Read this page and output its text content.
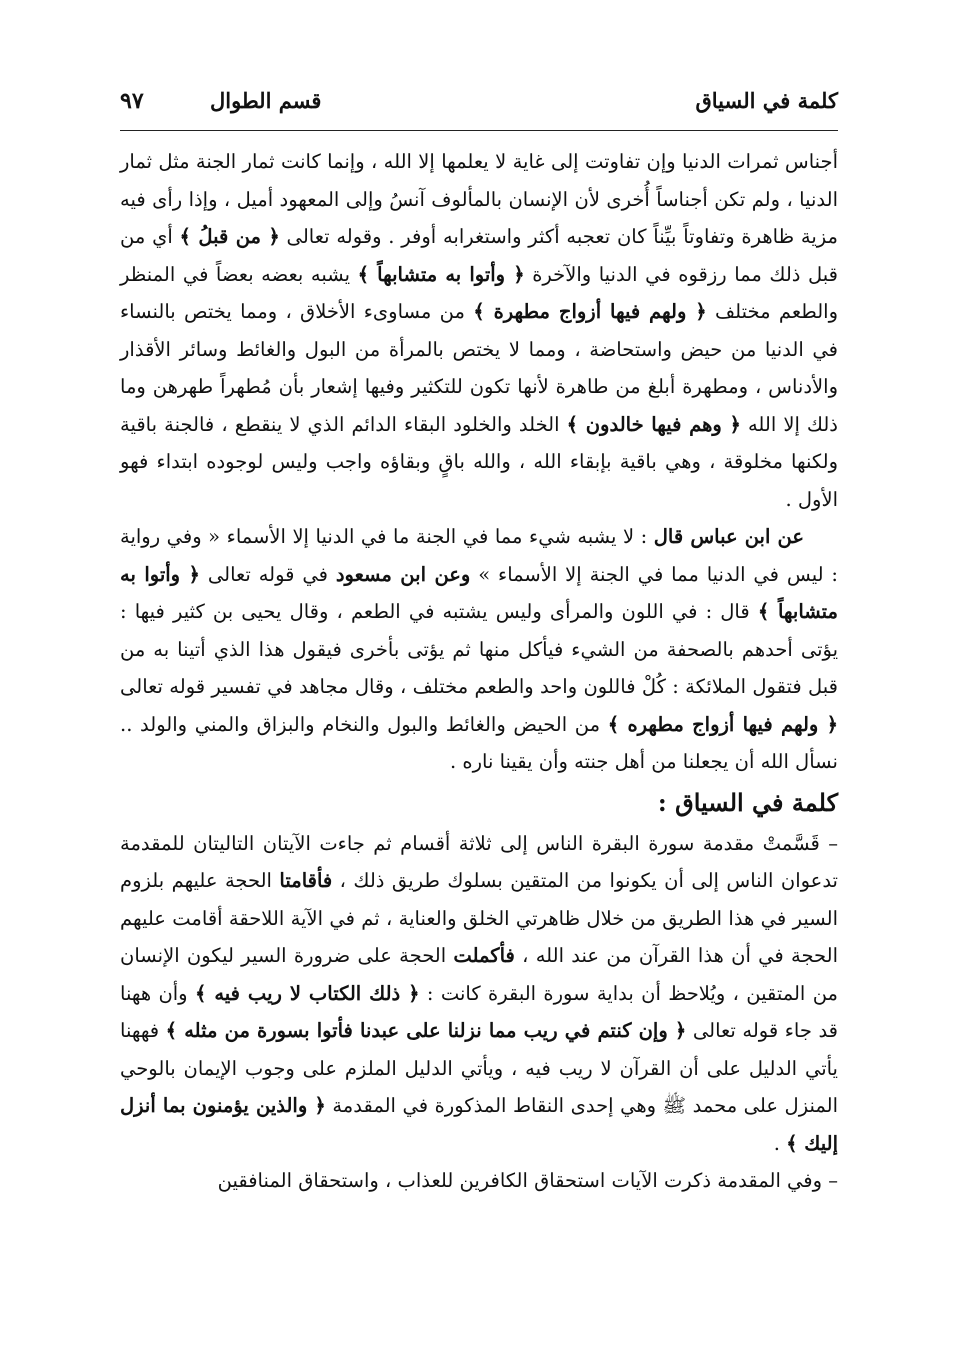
كلمة في السياق
قسم الطوال
٩٧

أجناس ثمرات الدنيا وإن تفاوتت إلى غاية لا يعلمها إلا الله ، وإنما كانت ثمار الجنة مثل ثمار الدنيا ، ولم تكن أجناساً أُخرى لأن الإنسان بالمألوف آنسُ وإلى المعهود أميل ، وإذا رأى فيه مزية ظاهرة وتفاوتاً بيِّناً كان تعجبه أكثر واستغرابه أوفر . وقوله تعالى ﴿ من قبلُ ﴾ أي من قبل ذلك مما رزقوه في الدنيا والآخرة ﴿ وأتوا به متشابهاً ﴾ يشبه بعضه بعضاً في المنظر والطعم مختلف ﴿ ولهم فيها أزواج مطهرة ﴾ من مساوىء الأخلاق ، ومما يختص بالنساء في الدنيا من حيض واستحاضة ، ومما لا يختص بالمرأة من البول والغائط وسائر الأقذار والأدناس ، ومطهرة أبلغ من طاهرة لأنها تكون للتكثير وفيها إشعار بأن مُطهراً طهرهن وما ذلك إلا الله ﴿ وهم فيها خالدون ﴾ الخلد والخلود البقاء الدائم الذي لا ينقطع ، فالجنة باقية ولكنها مخلوقة ، وهي باقية بإبقاء الله ، والله باقٍ وبقاؤه واجب وليس لوجوده ابتداء فهو الأول .

عن ابن عباس قال : لا يشبه شيء مما في الجنة ما في الدنيا إلا الأسماء « وفي رواية : ليس في الدنيا مما في الجنة إلا الأسماء » وعن ابن مسعود في قوله تعالى ﴿ وأتوا به متشابهاً ﴾ قال : في اللون والمرأى وليس يشتبه في الطعم ، وقال يحيى بن كثير فيها : يؤتى أحدهم بالصحفة من الشيء فيأكل منها ثم يؤتى بأخرى فيقول هذا الذي أتينا به من قبل فتقول الملائكة : كُلْ فاللون واحد والطعم مختلف ، وقال مجاهد في تفسير قوله تعالى ﴿ ولهم فيها أزواج مطهره ﴾ من الحيض والغائط والبول والنخام والبزاق والمني والولد .. نسأل الله أن يجعلنا من أهل جنته وأن يقينا ناره .

كلمة في السياق :

– قَسَّمتْ مقدمة سورة البقرة الناس إلى ثلاثة أقسام ثم جاءت الآيتان التاليتان للمقدمة تدعوان الناس إلى أن يكونوا من المتقين بسلوك طريق ذلك ، فأقامتا الحجة عليهم بلزوم السير في هذا الطريق من خلال ظاهرتي الخلق والعناية ، ثم في الآية اللاحقة أقامت عليهم الحجة في أن هذا القرآن من عند الله ، فأكملت الحجة على ضرورة السير ليكون الإنسان من المتقين ، ويُلاحظ أن بداية سورة البقرة كانت : ﴿ ذلك الكتاب لا ريب فيه ﴾ وأن ههنا قد جاء قوله تعالى ﴿ وإن كنتم في ريب مما نزلنا على عبدنا فأتوا بسورة من مثله ﴾ فههنا يأتي الدليل على أن القرآن لا ريب فيه ، ويأتي الدليل الملزم على وجوب الإيمان بالوحي المنزل على محمد ﷺ وهي إحدى النقاط المذكورة في المقدمة ﴿ والذين يؤمنون بما أنزل إليك ﴾ .

– وفي المقدمة ذكرت الآيات استحقاق الكافرين للعذاب ، واستحقاق المنافقين
